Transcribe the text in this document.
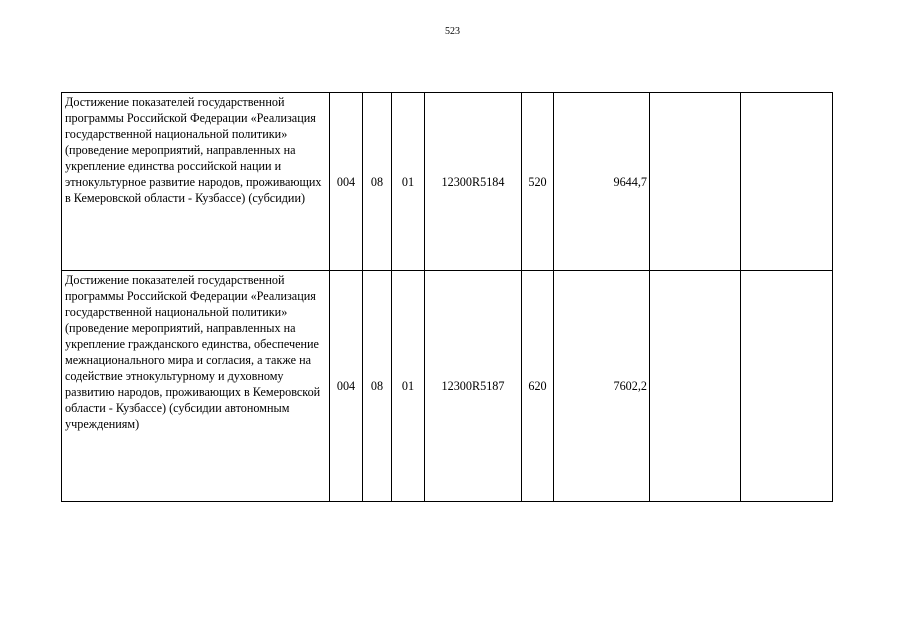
523
Достижение показателей государственной программы Российской Федерации «Реализация государственной национальной политики» (проведение мероприятий, направленных на укрепление единства российской нации и этнокультурное развитие народов, проживающих в Кемеровской области - Кузбассе) (субсидии)	004	08	01	12300R5184	520	9644,7		
Достижение показателей государственной программы Российской Федерации «Реализация государственной национальной политики» (проведение мероприятий, направленных на укрепление гражданского единства, обеспечение межнационального мира и согласия, а также на содействие этнокультурному и духовному развитию народов, проживающих в Кемеровской области - Кузбассе) (субсидии автономным учреждениям)	004	08	01	12300R5187	620	7602,2		
